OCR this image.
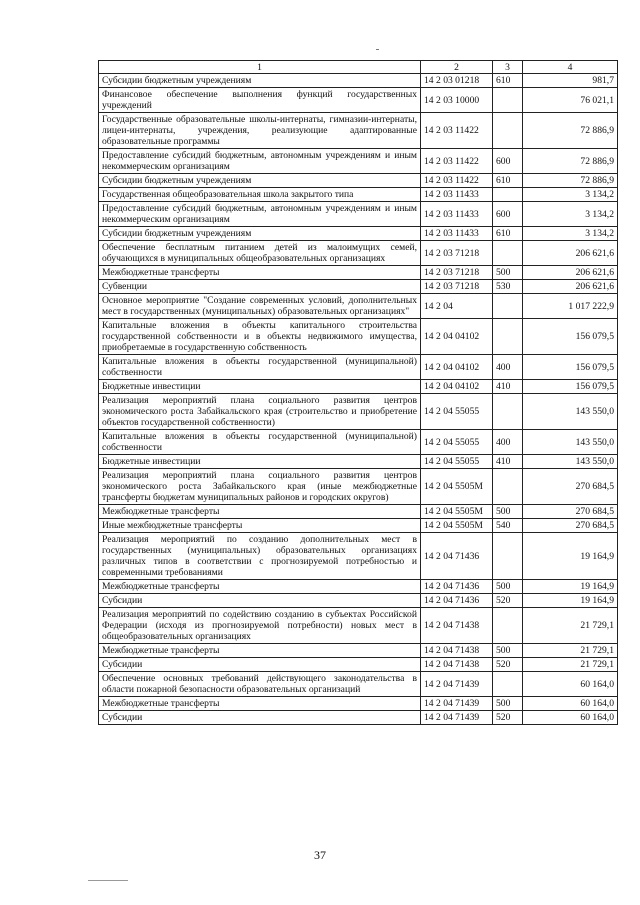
1	2	3	4
Субсидии бюджетным учреждениям	14 2 03 01218	610	981,7
Финансовое обеспечение выполнения функций государственных учреждений	14 2 03 10000		76 021,1
Государственные образовательные школы-интернаты, гимназии-интернаты, лицеи-интернаты, учреждения, реализующие адаптированные образовательные программы	14 2 03 11422		72 886,9
Предоставление субсидий бюджетным, автономным учреждениям и иным некоммерческим организациям	14 2 03 11422	600	72 886,9
Субсидии бюджетным учреждениям	14 2 03 11422	610	72 886,9
Государственная общеобразовательная школа закрытого типа	14 2 03 11433		3 134,2
Предоставление субсидий бюджетным, автономным учреждениям и иным некоммерческим организациям	14 2 03 11433	600	3 134,2
Субсидии бюджетным учреждениям	14 2 03 11433	610	3 134,2
Обеспечение бесплатным питанием детей из малоимущих семей, обучающихся в муниципальных общеобразовательных организациях	14 2 03 71218		206 621,6
Межбюджетные трансферты	14 2 03 71218	500	206 621,6
Субвенции	14 2 03 71218	530	206 621,6
Основное мероприятие "Создание современных условий, дополнительных мест в государственных (муниципальных) образовательных организациях"	14 2 04		1 017 222,9
Капитальные вложения в объекты капитального строительства государственной собственности и в объекты недвижимого имущества, приобретаемые в государственную собственность	14 2 04 04102		156 079,5
Капитальные вложения в объекты государственной (муниципальной) собственности	14 2 04 04102	400	156 079,5
Бюджетные инвестиции	14 2 04 04102	410	156 079,5
Реализация мероприятий плана социального развития центров экономического роста Забайкальского края (строительство и приобретение объектов государственной собственности)	14 2 04 55055		143 550,0
Капитальные вложения в объекты государственной (муниципальной) собственности	14 2 04 55055	400	143 550,0
Бюджетные инвестиции	14 2 04 55055	410	143 550,0
Реализация мероприятий плана социального развития центров экономического роста Забайкальского края (иные межбюджетные трансферты бюджетам муниципальных районов и городских округов)	14 2 04 5505М		270 684,5
Межбюджетные трансферты	14 2 04 5505М	500	270 684,5
Иные межбюджетные трансферты	14 2 04 5505М	540	270 684,5
Реализация мероприятий по созданию дополнительных мест в государственных (муниципальных) образовательных организациях различных типов в соответствии с прогнозируемой потребностью и современными требованиями	14 2 04 71436		19 164,9
Межбюджетные трансферты	14 2 04 71436	500	19 164,9
Субсидии	14 2 04 71436	520	19 164,9
Реализация мероприятий по содействию созданию в субъектах Российской Федерации (исходя из прогнозируемой потребности) новых мест в общеобразовательных организациях	14 2 04 71438		21 729,1
Межбюджетные трансферты	14 2 04 71438	500	21 729,1
Субсидии	14 2 04 71438	520	21 729,1
Обеспечение основных требований действующего законодательства в области пожарной безопасности образовательных организаций	14 2 04 71439		60 164,0
Межбюджетные трансферты	14 2 04 71439	500	60 164,0
Субсидии	14 2 04 71439	520	60 164,0
37
